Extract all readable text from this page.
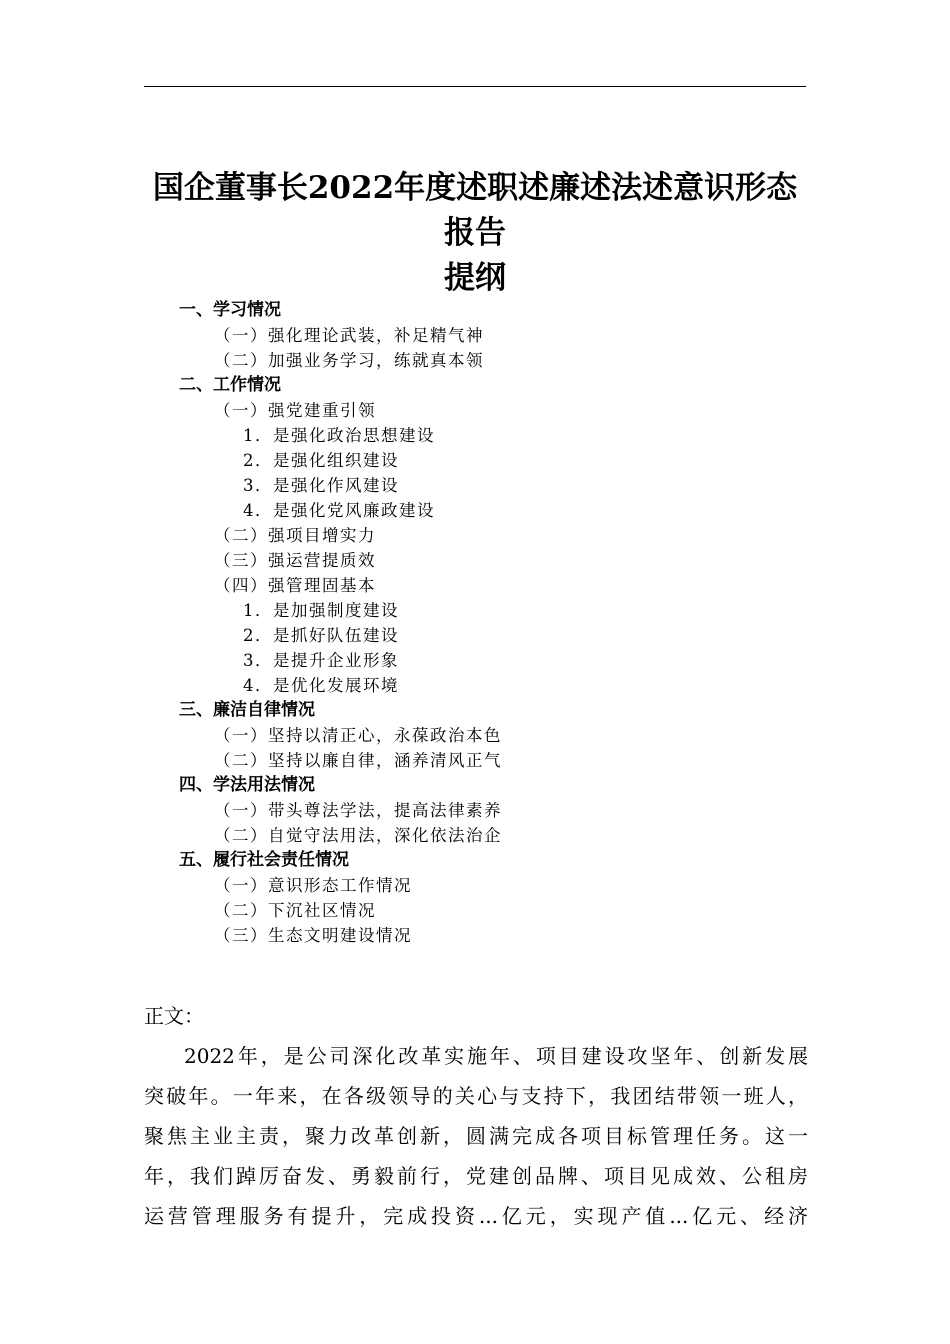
国企董事长2022年度述职述廉述法述意识形态
报告
提纲
一、学习情况
（一）强化理论武装，补足精气神
（二）加强业务学习，练就真本领
二、工作情况
（一）强党建重引领
1．是强化政治思想建设
2．是强化组织建设
3．是强化作风建设
4．是强化党风廉政建设
（二）强项目增实力
（三）强运营提质效
（四）强管理固基本
1．是加强制度建设
2．是抓好队伍建设
3．是提升企业形象
4．是优化发展环境
三、廉洁自律情况
（一）坚持以清正心，永葆政治本色
（二）坚持以廉自律，涵养清风正气
四、学法用法情况
（一）带头尊法学法，提高法律素养
（二）自觉守法用法，深化依法治企
五、履行社会责任情况
（一）意识形态工作情况
（二）下沉社区情况
（三）生态文明建设情况
正文：
2022年，是公司深化改革实施年、项目建设攻坚年、创新发展
突破年。一年来，在各级领导的关心与支持下，我团结带领一班人，
聚焦主业主责，聚力改革创新，圆满完成各项目标管理任务。这一
年，我们踔厉奋发、勇毅前行，党建创品牌、项目见成效、公租房
运营管理服务有提升，完成投资...亿元，实现产值...亿元、经济
